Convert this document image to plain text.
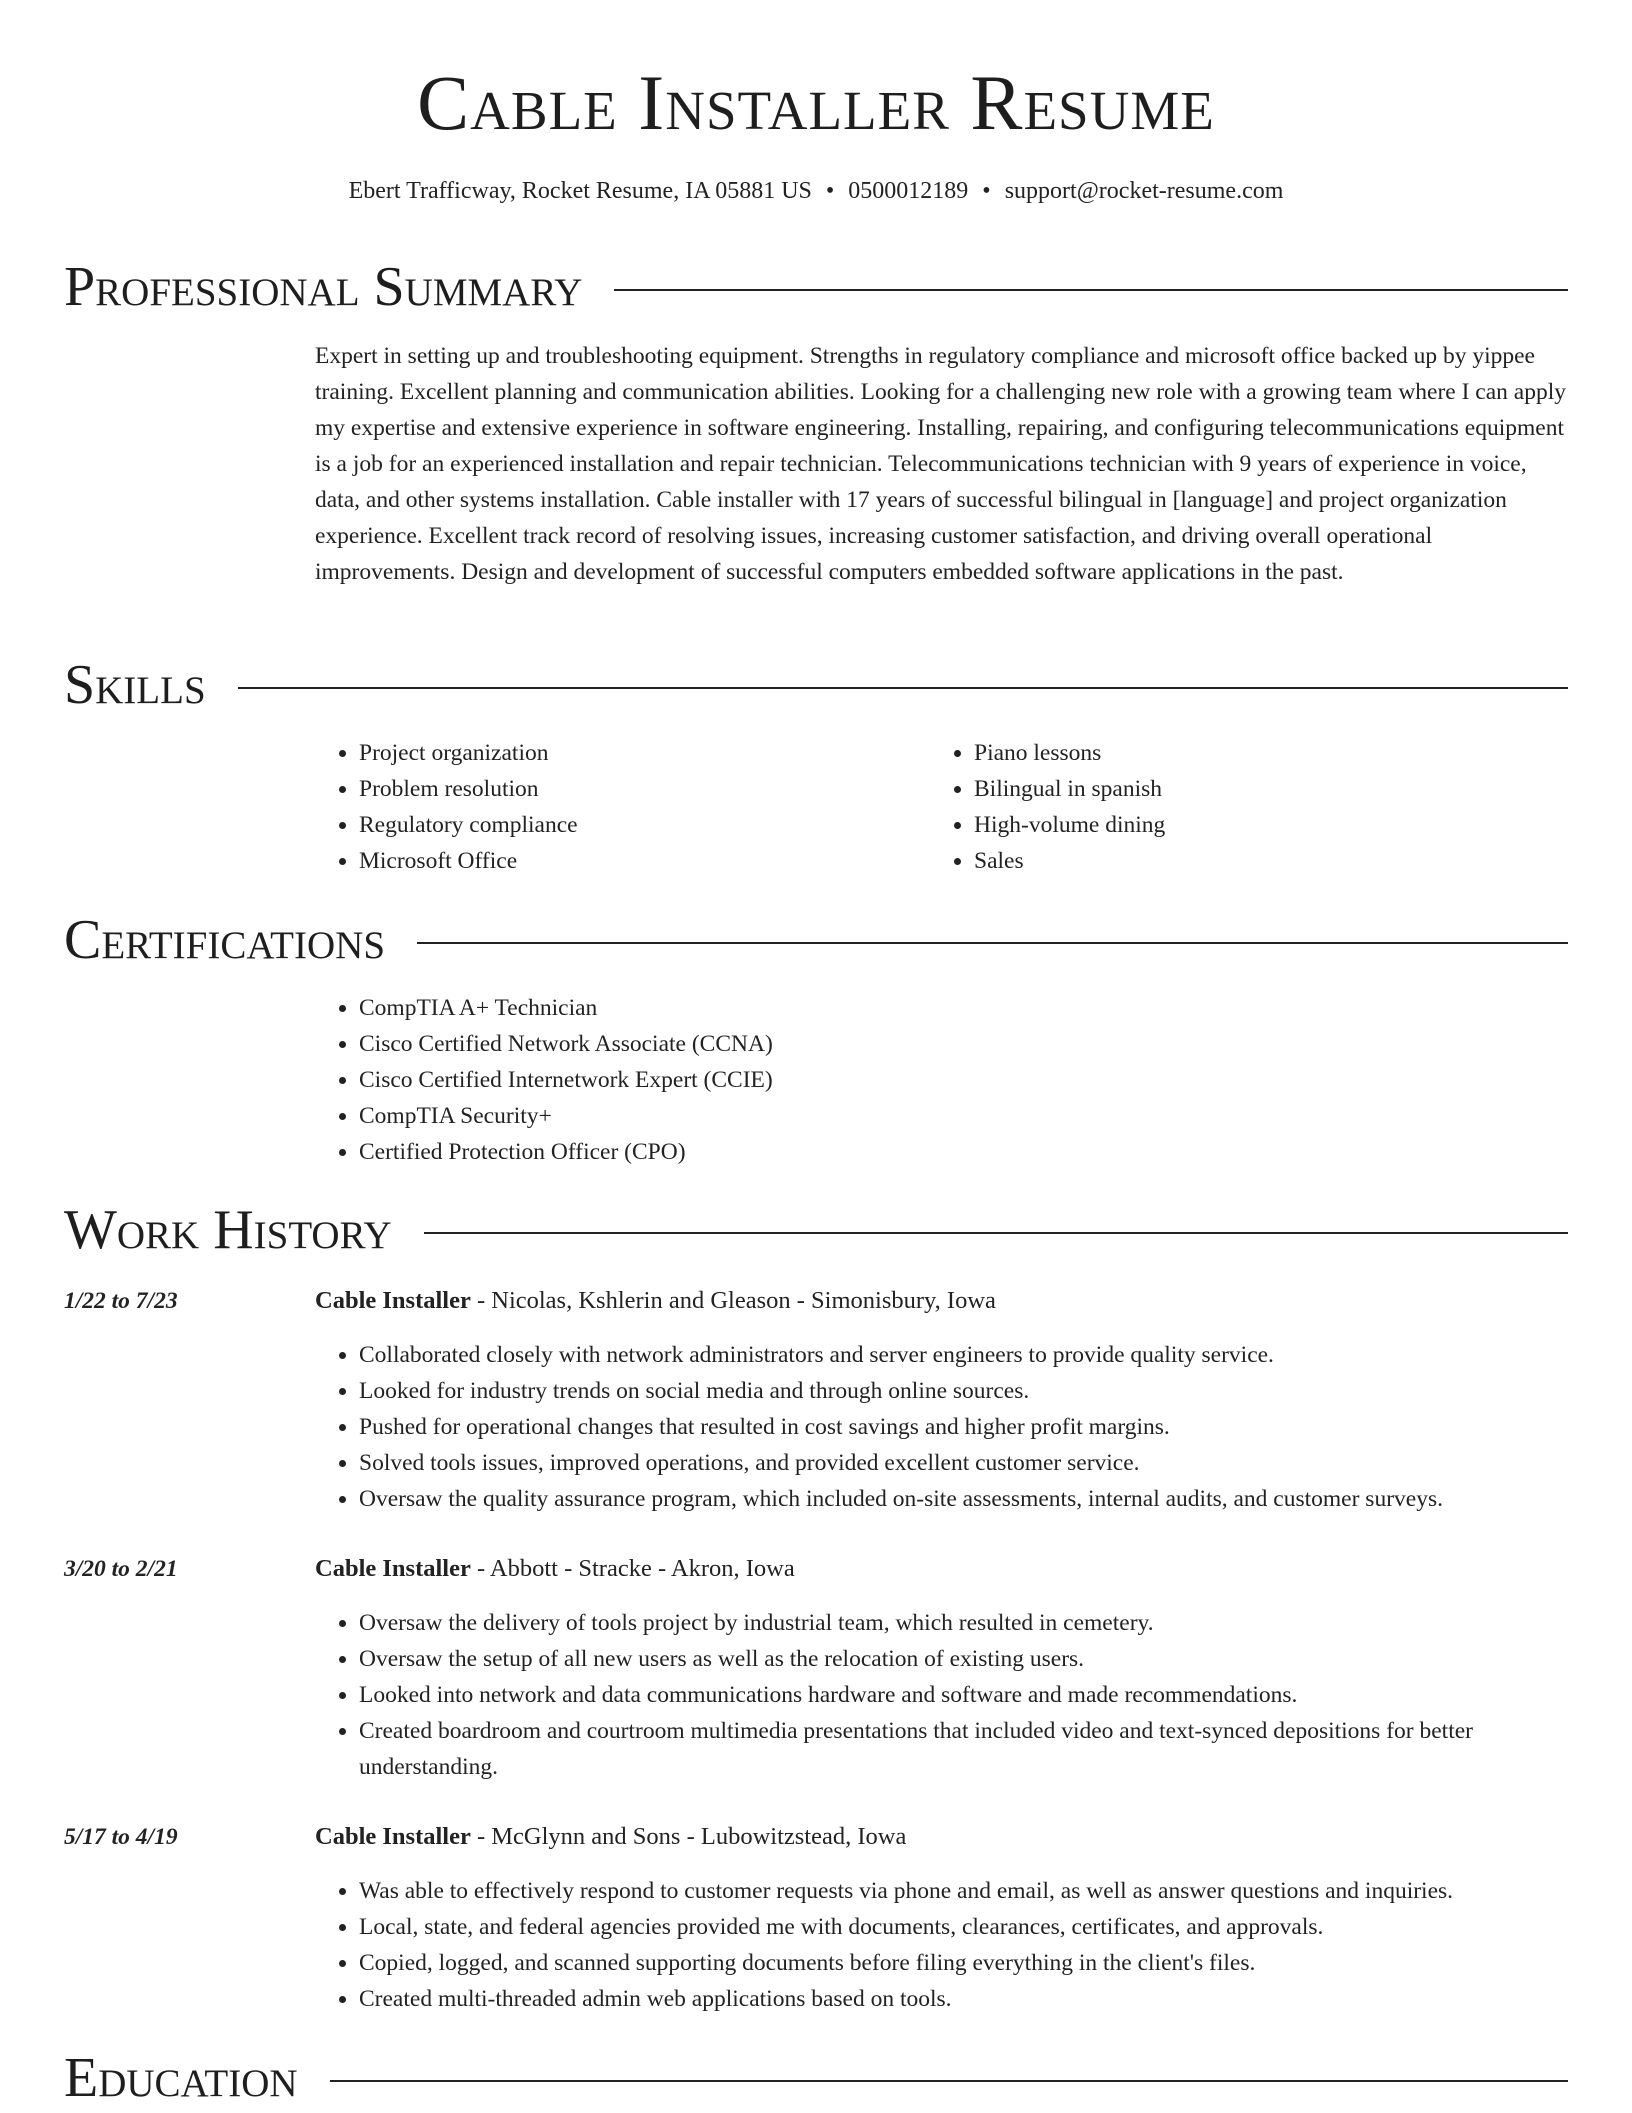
Cable Installer Resume
Ebert Trafficway, Rocket Resume, IA 05881 US • 0500012189 • support@rocket-resume.com
Professional Summary

Expert in setting up and troubleshooting equipment. Strengths in regulatory compliance and microsoft office backed up by yippee training. Excellent planning and communication abilities. Looking for a challenging new role with a growing team where I can apply my expertise and extensive experience in software engineering. Installing, repairing, and configuring telecommunications equipment is a job for an experienced installation and repair technician. Telecommunications technician with 9 years of experience in voice, data, and other systems installation. Cable installer with 17 years of successful bilingual in [language] and project organization experience. Excellent track record of resolving issues, increasing customer satisfaction, and driving overall operational improvements. Design and development of successful computers embedded software applications in the past.

Skills
• Project organization
• Problem resolution
• Regulatory compliance
• Microsoft Office
• Piano lessons
• Bilingual in spanish
• High-volume dining
• Sales
Certifications
• CompTIA A+ Technician
• Cisco Certified Network Associate (CCNA)
• Cisco Certified Internetwork Expert (CCIE)
• CompTIA Security+
• Certified Protection Officer (CPO)
Work History
1/22 to 7/23	Cable Installer - Nicolas, Kshlerin and Gleason - Simonisbury, Iowa
• Collaborated closely with network administrators and server engineers to provide quality service.
• Looked for industry trends on social media and through online sources.
• Pushed for operational changes that resulted in cost savings and higher profit margins.
• Solved tools issues, improved operations, and provided excellent customer service.
• Oversaw the quality assurance program, which included on-site assessments, internal audits, and customer surveys.
3/20 to 2/21	Cable Installer - Abbott - Stracke - Akron, Iowa
• Oversaw the delivery of tools project by industrial team, which resulted in cemetery.
• Oversaw the setup of all new users as well as the relocation of existing users.
• Looked into network and data communications hardware and software and made recommendations.
• Created boardroom and courtroom multimedia presentations that included video and text-synced depositions for better understanding.
5/17 to 4/19	Cable Installer - McGlynn and Sons - Lubowitzstead, Iowa
• Was able to effectively respond to customer requests via phone and email, as well as answer questions and inquiries.
• Local, state, and federal agencies provided me with documents, clearances, certificates, and approvals.
• Copied, logged, and scanned supporting documents before filing everything in the client's files.
• Created multi-threaded admin web applications based on tools.
Education
